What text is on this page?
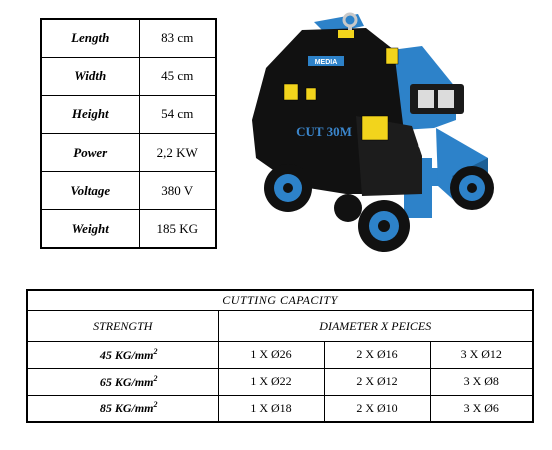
Length	83 cm
Width	45 cm
Height	54 cm
Power	2,2 KW
Voltage	380 V
Weight	185 KG
MEDIA
CUT 30M
CE
CUTTING CAPACITY			
STRENGTH	DIAMETER X PEICES		
45 $KG/mm^2$	1 X Ø26	2 X Ø16	3 X Ø12
65 $KG/mm^2$	1 X Ø22	2 X Ø12	3 X Ø8
85 $KG/mm^2$	1 X Ø18	2 X Ø10	3 X Ø6
